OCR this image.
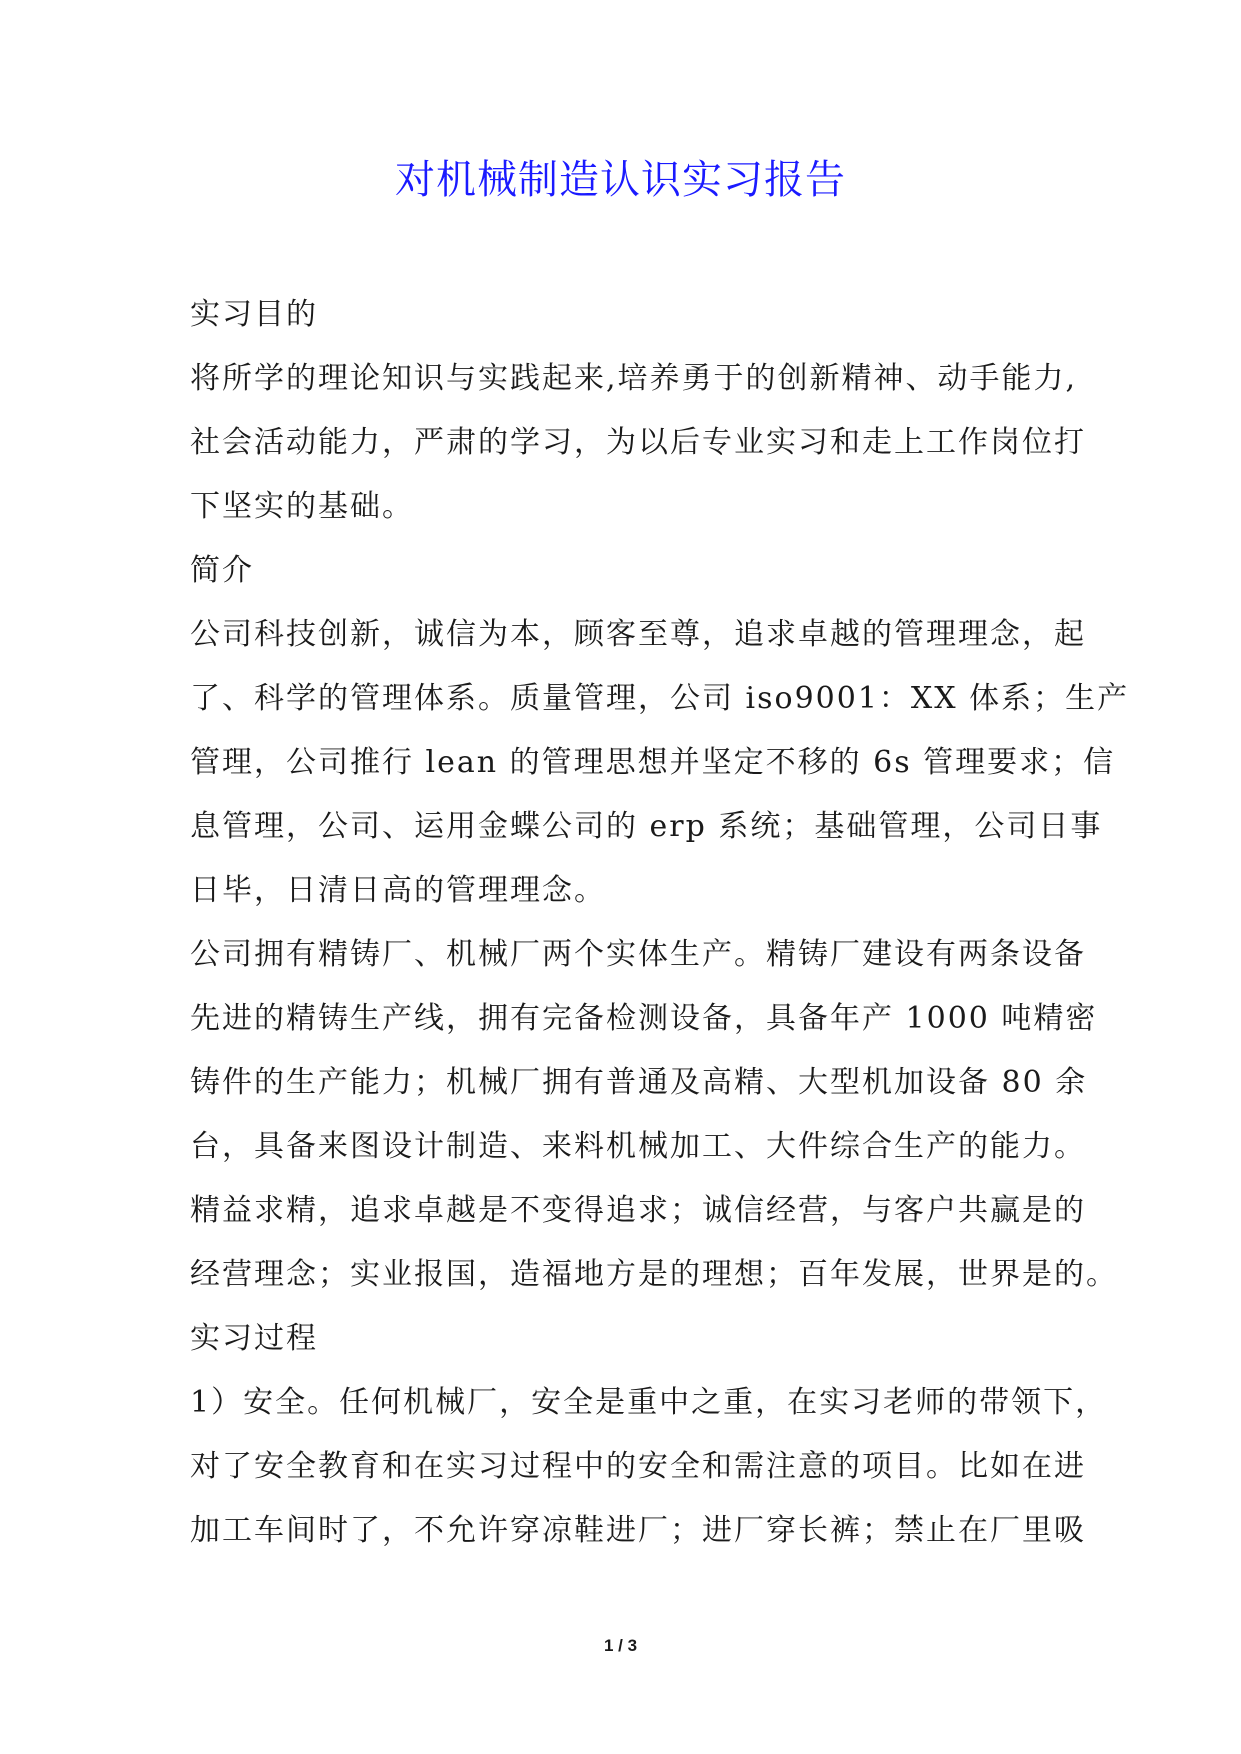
对机械制造认识实习报告
实习目的
将所学的理论知识与实践起来,培养勇于的创新精神、动手能力,
社会活动能力，严肃的学习，为以后专业实习和走上工作岗位打
下坚实的基础。
简介
公司科技创新，诚信为本，顾客至尊，追求卓越的管理理念，起
了、科学的管理体系。质量管理，公司 iso9001：XX 体系；生产
管理，公司推行 lean 的管理思想并坚定不移的 6s 管理要求；信
息管理，公司、运用金蝶公司的 erp 系统；基础管理，公司日事
日毕，日清日高的管理理念。
公司拥有精铸厂、机械厂两个实体生产。精铸厂建设有两条设备
先进的精铸生产线，拥有完备检测设备，具备年产 1000 吨精密
铸件的生产能力；机械厂拥有普通及高精、大型机加设备 80 余
台，具备来图设计制造、来料机械加工、大件综合生产的能力。
精益求精，追求卓越是不变得追求；诚信经营，与客户共赢是的
经营理念；实业报国，造福地方是的理想；百年发展，世界是的。
实习过程
1）安全。任何机械厂，安全是重中之重，在实习老师的带领下，
对了安全教育和在实习过程中的安全和需注意的项目。比如在进
加工车间时了，不允许穿凉鞋进厂；进厂穿长裤；禁止在厂里吸
1 / 3
